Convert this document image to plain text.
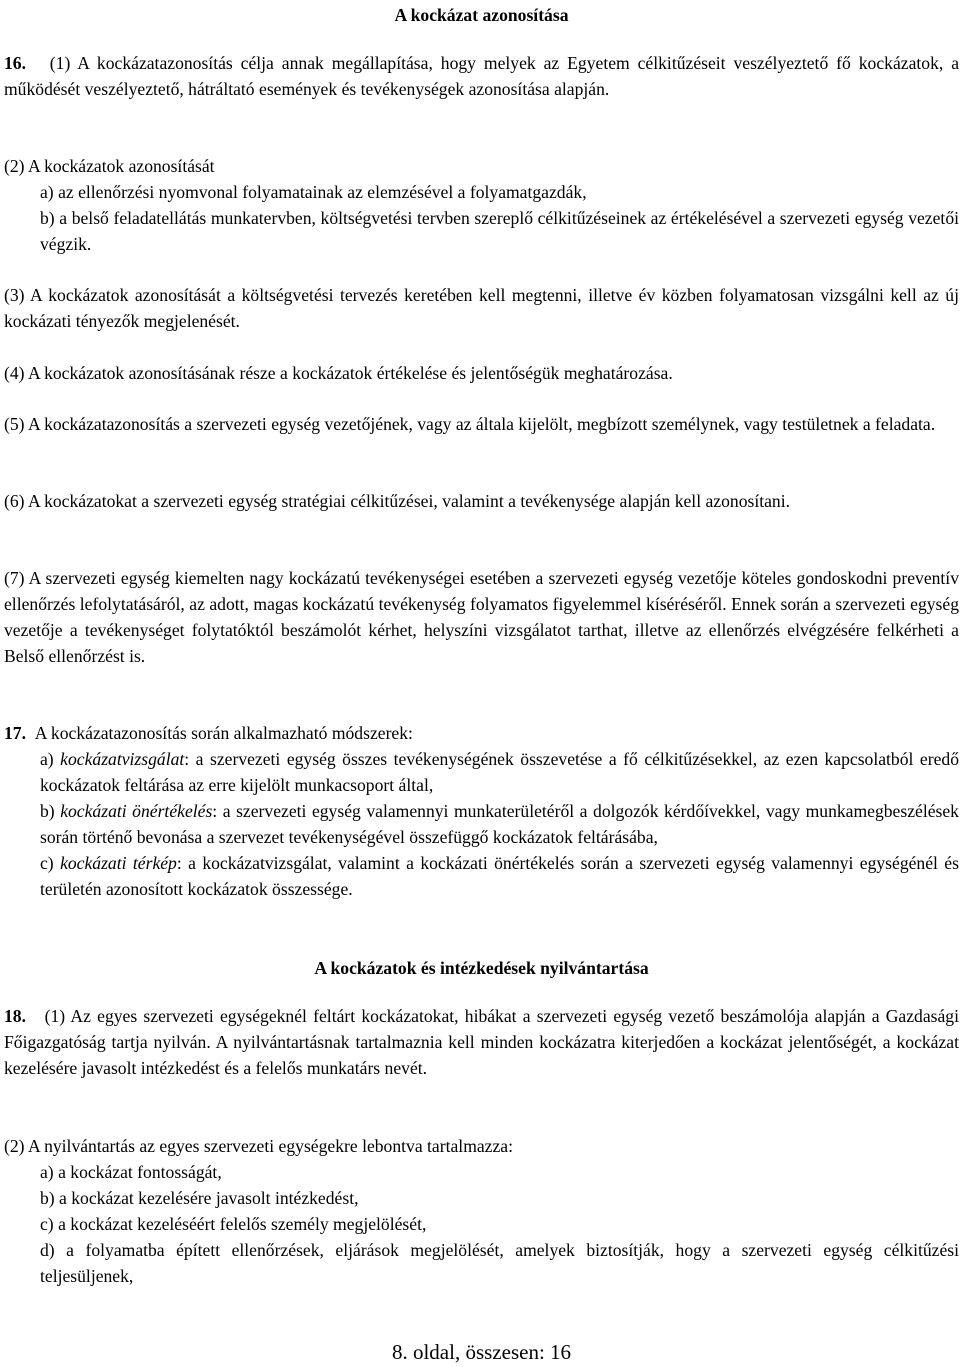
A kockázat azonosítása

16. (1) A kockázatazonosítás célja annak megállapítása, hogy melyek az Egyetem célkitűzéseit veszélyeztető fő kockázatok, a működését veszélyeztető, hátráltató események és tevékenységek azonosítása alapján.

(2) A kockázatok azonosítását

a) az ellenőrzési nyomvonal folyamatainak az elemzésével a folyamatgazdák,

b) a belső feladatellátás munkatervben, költségvetési tervben szereplő célkitűzéseinek az értékelésével a szervezeti egység vezetői végzik.

(3) A kockázatok azonosítását a költségvetési tervezés keretében kell megtenni, illetve év közben folyamatosan vizsgálni kell az új kockázati tényezők megjelenését.

(4) A kockázatok azonosításának része a kockázatok értékelése és jelentőségük meghatározása.

(5) A kockázatazonosítás a szervezeti egység vezetőjének, vagy az általa kijelölt, megbízott személynek, vagy testületnek a feladata.

(6) A kockázatokat a szervezeti egység stratégiai célkitűzései, valamint a tevékenysége alapján kell azonosítani.

(7) A szervezeti egység kiemelten nagy kockázatú tevékenységei esetében a szervezeti egység vezetője köteles gondoskodni preventív ellenőrzés lefolytatásáról, az adott, magas kockázatú tevékenység folyamatos figyelemmel kíséréséről. Ennek során a szervezeti egység vezetője a tevékenységet folytatóktól beszámolót kérhet, helyszíni vizsgálatot tarthat, illetve az ellenőrzés elvégzésére felkérheti a Belső ellenőrzést is.

17. A kockázatazonosítás során alkalmazható módszerek:

a) kockázatvizsgálat: a szervezeti egység összes tevékenységének összevetése a fő célkitűzésekkel, az ezen kapcsolatból eredő kockázatok feltárása az erre kijelölt munkacsoport által,

b) kockázati önértékelés: a szervezeti egység valamennyi munkaterületéről a dolgozók kérdőívekkel, vagy munkamegbeszélések során történő bevonása a szervezet tevékenységével összefüggő kockázatok feltárásába,

c) kockázati térkép: a kockázatvizsgálat, valamint a kockázati önértékelés során a szervezeti egység valamennyi egységénél és területén azonosított kockázatok összessége.

A kockázatok és intézkedések nyilvántartása

18. (1) Az egyes szervezeti egységeknél feltárt kockázatokat, hibákat a szervezeti egység vezető beszámolója alapján a Gazdasági Főigazgatóság tartja nyilván. A nyilvántartásnak tartalmaznia kell minden kockázatra kiterjedően a kockázat jelentőségét, a kockázat kezelésére javasolt intézkedést és a felelős munkatárs nevét.

(2) A nyilvántartás az egyes szervezeti egységekre lebontva tartalmazza:

a) a kockázat fontosságát,

b) a kockázat kezelésére javasolt intézkedést,

c) a kockázat kezeléséért felelős személy megjelölését,

d) a folyamatba épített ellenőrzések, eljárások megjelölését, amelyek biztosítják, hogy a szervezeti egység célkitűzési teljesüljenek,

8. oldal, összesen: 16
